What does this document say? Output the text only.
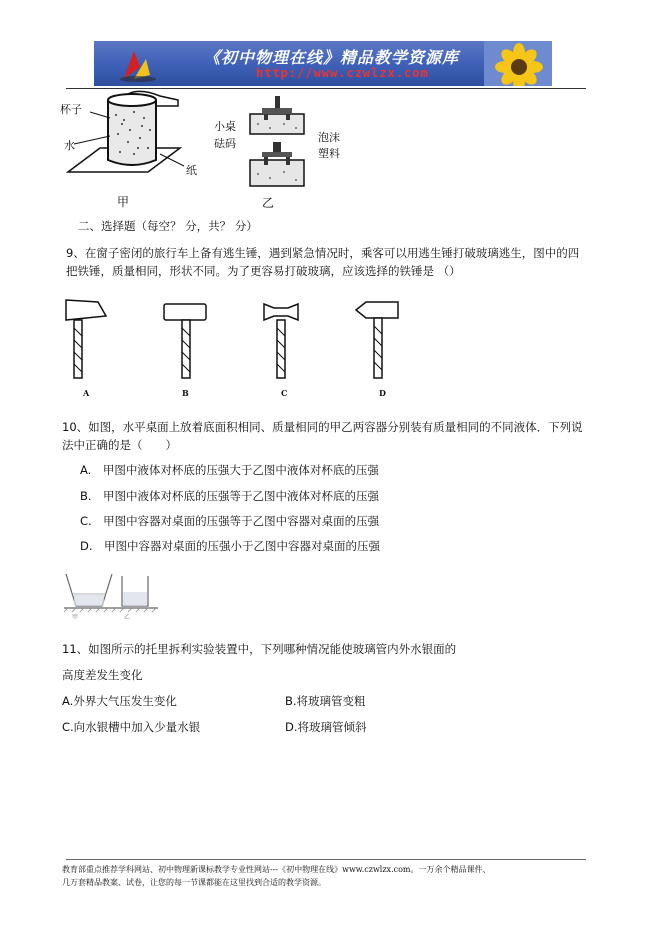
《初中物理在线》精品教学资源库
http://www.czwlzx.com
杯子
水
纸
甲
小桌
砝码	泡沫
塑料
乙
二、选择题（每空？ 分，共？ 分）
9、在窗子密闭的旅行车上备有逃生锤，遇到紧急情况时，乘客可以用逃生锤打破玻璃逃生，图中的四
把铁锤，质量相同，形状不同。为了更容易打破玻璃，应该选择的铁锤是 （）
A	B	C	D
10、如图，水平桌面上放着底面积相同、质量相同的甲乙两容器分别装有质量相同的不同液体．下列说
法中正确的是（　　）
A.　甲图中液体对杯底的压强大于乙图中液体对杯底的压强
B.　甲图中液体对杯底的压强等于乙图中液体对杯底的压强
C.　甲图中容器对桌面的压强等于乙图中容器对桌面的压强
D.　甲图中容器对桌面的压强小于乙图中容器对桌面的压强
甲	乙
11、如图所示的托里拆利实验装置中，下列哪种情况能使玻璃管内外水银面的
高度差发生变化
A.外界大气压发生变化	B.将玻璃管变粗
C.向水银槽中加入少量水银	D.将玻璃管倾斜
教育部重点推荐学科网站、初中物理新课标教学专业性网站---《初中物理在线》www.czwlzx.com。一万余个精品课件、
几万套精品教案、试卷，让您的每一节课都能在这里找到合适的教学资源。
